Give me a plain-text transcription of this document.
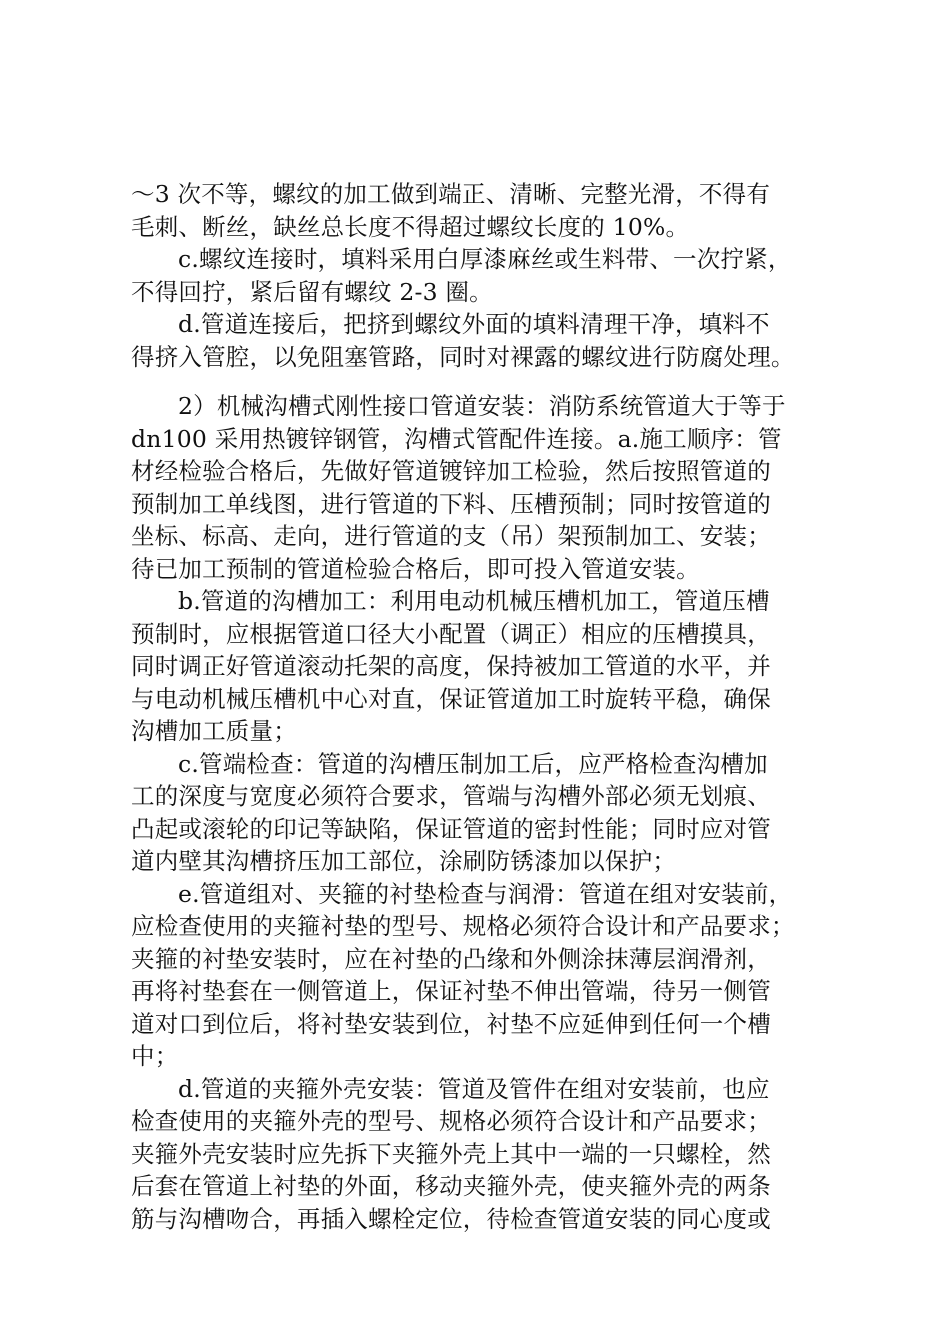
～3 次不等，螺纹的加工做到端正、清晰、完整光滑，不得有
毛刺、断丝，缺丝总长度不得超过螺纹长度的 10%。
c.螺纹连接时，填料采用白厚漆麻丝或生料带、一次拧紧，
不得回拧，紧后留有螺纹 2-3 圈。
d.管道连接后，把挤到螺纹外面的填料清理干净，填料不
得挤入管腔，以免阻塞管路，同时对裸露的螺纹进行防腐处理。
2）机械沟槽式刚性接口管道安装：消防系统管道大于等于
dn100 采用热镀锌钢管，沟槽式管配件连接。a.施工顺序：管
材经检验合格后，先做好管道镀锌加工检验，然后按照管道的
预制加工单线图，进行管道的下料、压槽预制；同时按管道的
坐标、标高、走向，进行管道的支（吊）架预制加工、安装；
待已加工预制的管道检验合格后，即可投入管道安装。
b.管道的沟槽加工：利用电动机械压槽机加工，管道压槽
预制时，应根据管道口径大小配置（调正）相应的压槽摸具，
同时调正好管道滚动托架的高度，保持被加工管道的水平，并
与电动机械压槽机中心对直，保证管道加工时旋转平稳，确保
沟槽加工质量；
c.管端检查：管道的沟槽压制加工后，应严格检查沟槽加
工的深度与宽度必须符合要求，管端与沟槽外部必须无划痕、
凸起或滚轮的印记等缺陷，保证管道的密封性能；同时应对管
道内壁其沟槽挤压加工部位，涂刷防锈漆加以保护；
e.管道组对、夹箍的衬垫检查与润滑：管道在组对安装前，
应检查使用的夹箍衬垫的型号、规格必须符合设计和产品要求；
夹箍的衬垫安装时，应在衬垫的凸缘和外侧涂抹薄层润滑剂，
再将衬垫套在一侧管道上，保证衬垫不伸出管端，待另一侧管
道对口到位后，将衬垫安装到位，衬垫不应延伸到任何一个槽
中；
d.管道的夹箍外壳安装：管道及管件在组对安装前，也应
检查使用的夹箍外壳的型号、规格必须符合设计和产品要求；
夹箍外壳安装时应先拆下夹箍外壳上其中一端的一只螺栓，然
后套在管道上衬垫的外面，移动夹箍外壳，使夹箍外壳的两条
筋与沟槽吻合，再插入螺栓定位，待检查管道安装的同心度或
